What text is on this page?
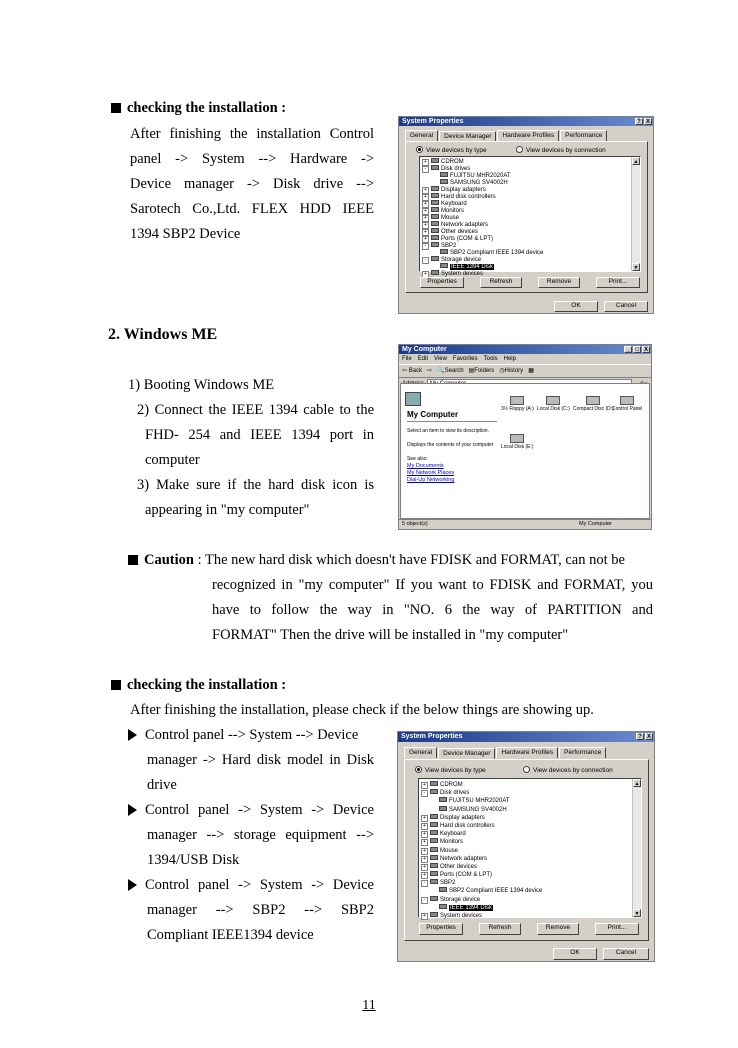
checking the installation :
After finishing the installation Control
panel -> System --> Hardware ->
Device manager -> Disk drive -->
Sarotech Co.,Ltd. FLEX HDD IEEE
1394 SBP2 Device
2. Windows ME
1) Booting Windows ME
2) Connect the IEEE 1394 cable to the
FHD- 254 and IEEE 1394 port in
computer
3) Make sure if the hard disk icon is
appearing in "my computer"
Caution : The new hard disk which doesn't have FDISK and FORMAT, can not be
recognized in "my computer" If you want to FDISK and FORMAT, you
have to follow the way in "NO. 6 the way of PARTITION and
FORMAT" Then the drive will be installed in "my computer"
checking the installation :
After finishing the installation, please check if the below things are showing up.
Control panel --> System --> Device
manager -> Hard disk model in Disk
drive
Control panel -> System -> Device
manager --> storage equipment -->
1394/USB Disk
Control panel -> System -> Device
manager --> SBP2 --> SBP2
Compliant IEEE1394 device
11
System Properties	? X
General	Device Manager	Hardware Profiles	Performance
View devices by type	View devices by connection
+ CDROM
- Disk drives
FUJITSU MHR2020AT
SAMSUNG SV4002H
+ Display adapters
+ Hard disk controllers
+ Keyboard
+ Monitors
+ Mouse
+ Network adapters
+ Other devices
+ Ports (COM & LPT)
- SBP2
SBP2 Compliant IEEE 1394 device
- Storage device
IEEE 1394 Disk
+ System devices
▲
▼
Properties	Refresh	Remove	Print...
OK	Cancel
My Computer	_ □ X
File Edit View Favorites Tools Help
⇦ Back ⇨ 🔍Search ▤Folders ◷History ▦
My Computer
Select an item to view its description.
Displays the contents of your computer
See also:
My Documents
My Network Places
Dial-Up Networking
3½ Floppy (A:) Local Disk (C:) Compact Disc (D:)
Control Panel
Local Disk (E:)
5 object(s)	My Computer
System Properties	? X
General	Device Manager	Hardware Profiles	Performance
View devices by type	View devices by connection
+ CDROM
- Disk drives
FUJITSU MHR2020AT
SAMSUNG SV4002H
+ Display adapters
+ Hard disk controllers
+ Keyboard
+ Monitors
+ Mouse
+ Network adapters
+ Other devices
+ Ports (COM & LPT)
- SBP2
SBP2 Compliant IEEE 1394 device
- Storage device
IEEE 1394 Disk
+ System devices
▲
▼
Properties	Refresh	Remove	Print...
OK	Cancel
